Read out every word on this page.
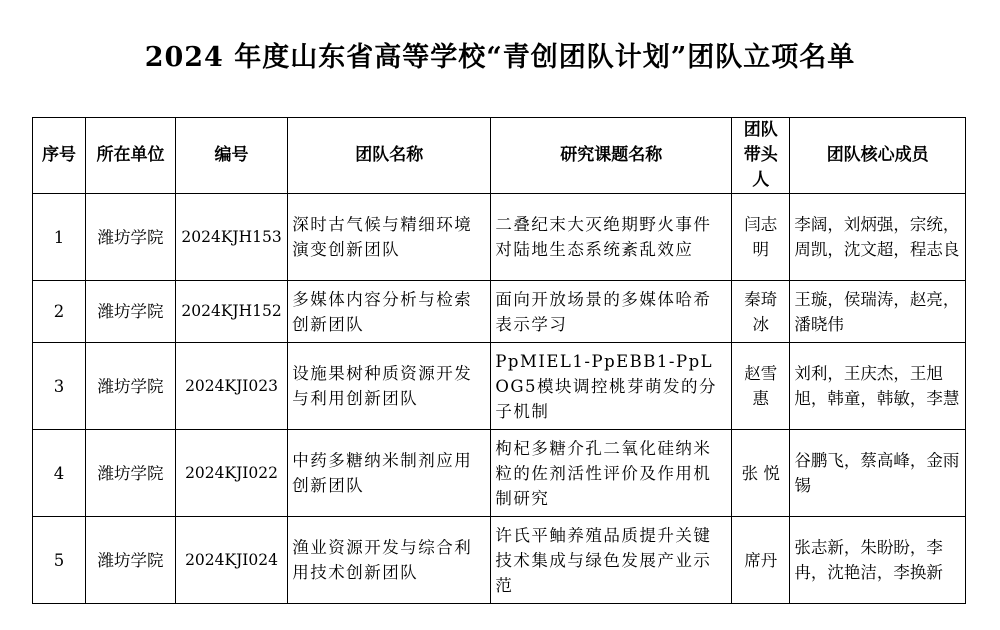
2024 年度山东省高等学校“青创团队计划”团队立项名单
序号	所在单位	编号	团队名称	研究课题名称	团队带头人	团队核心成员
1	潍坊学院	2024KJH153	深时古气候与精细环境演变创新团队	二叠纪末大灭绝期野火事件对陆地生态系统紊乱效应	闫志明	李阔，刘炳强，宗统，周凯，沈文超，程志良
2	潍坊学院	2024KJH152	多媒体内容分析与检索创新团队	面向开放场景的多媒体哈希表示学习	秦琦冰	王璇，侯瑞涛，赵亮，潘晓伟
3	潍坊学院	2024KJI023	设施果树种质资源开发与利用创新团队	PpMIEL1-PpEBB1-PpLOG5模块调控桃芽萌发的分子机制	赵雪惠	刘利，王庆杰，王旭旭，韩童，韩敏，李慧
4	潍坊学院	2024KJI022	中药多糖纳米制剂应用创新团队	枸杞多糖介孔二氧化硅纳米粒的佐剂活性评价及作用机制研究	张 悦	谷鹏飞，蔡高峰，金雨锡
5	潍坊学院	2024KJI024	渔业资源开发与综合利用技术创新团队	许氏平鲉养殖品质提升关键技术集成与绿色发展产业示范	席丹	张志新，朱盼盼，李冉，沈艳洁，李换新
